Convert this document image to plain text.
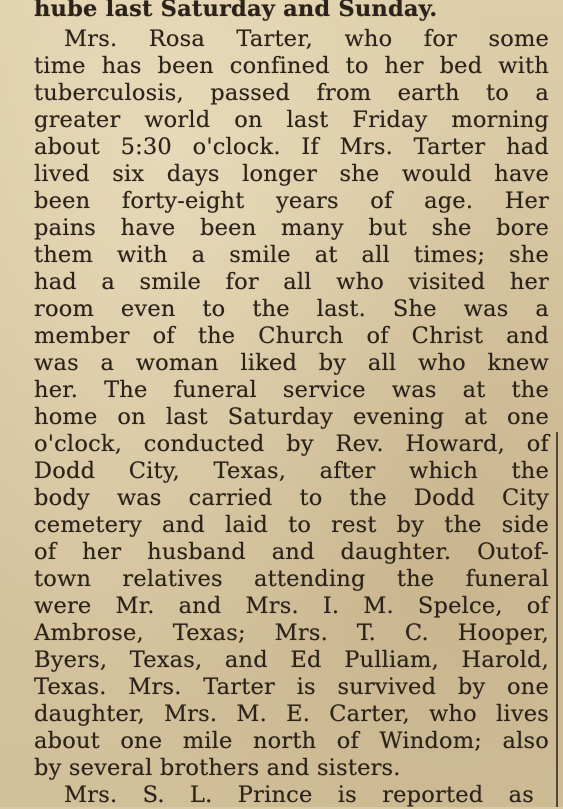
hube last Saturday and Sunday.
Mrs. Rosa Tarter, who for some
time has been confined to her bed with
tuberculosis, passed from earth to a
greater world on last Friday morning
about 5:30 o'clock. If Mrs. Tarter had
lived six days longer she would have
been forty-eight years of age. Her
pains have been many but she bore
them with a smile at all times; she
had a smile for all who visited her
room even to the last. She was a
member of the Church of Christ and
was a woman liked by all who knew
her. The funeral service was at the
home on last Saturday evening at one
o'clock, conducted by Rev. Howard, of
Dodd City, Texas, after which the
body was carried to the Dodd City
cemetery and laid to rest by the side
of her husband and daughter. Outof-
town relatives attending the funeral
were Mr. and Mrs. I. M. Spelce, of
Ambrose, Texas; Mrs. T. C. Hooper,
Byers, Texas, and Ed Pulliam, Harold,
Texas. Mrs. Tarter is survived by one
daughter, Mrs. M. E. Carter, who lives
about one mile north of Windom; also
by several brothers and sisters.
Mrs. S. L. Prince is reported as
